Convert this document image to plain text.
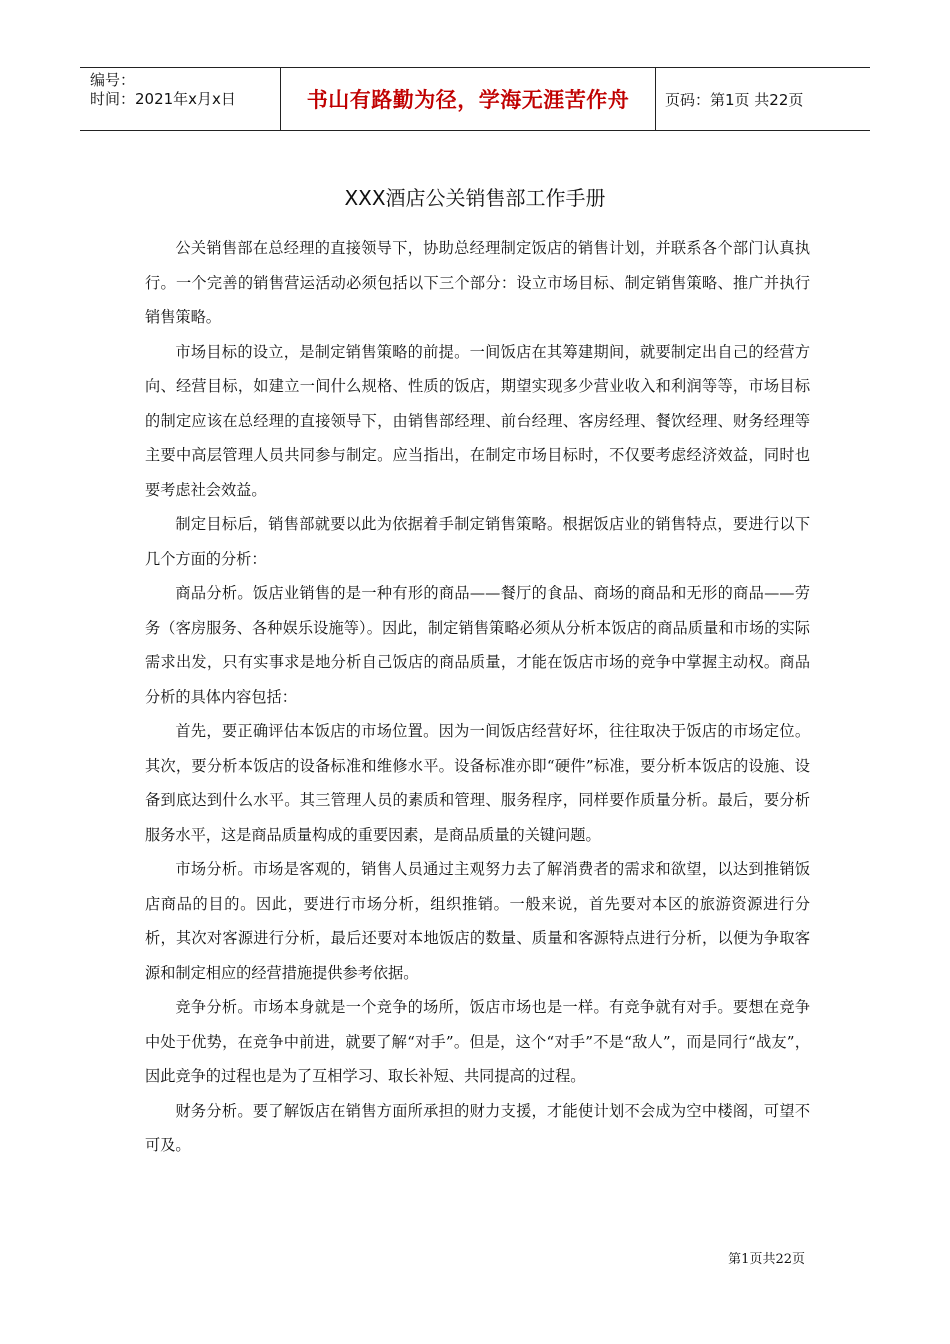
编号：
时间：2021年x月x日	书山有路勤为径，学海无涯苦作舟 页码：第1页 共22页
XXX酒店公关销售部工作手册

公关销售部在总经理的直接领导下，协助总经理制定饭店的销售计划，并联系各个部门认真执行。一个完善的销售营运活动必须包括以下三个部分：设立市场目标、制定销售策略、推广并执行销售策略。

市场目标的设立，是制定销售策略的前提。一间饭店在其筹建期间，就要制定出自己的经营方向、经营目标，如建立一间什么规格、性质的饭店，期望实现多少营业收入和利润等等，市场目标的制定应该在总经理的直接领导下，由销售部经理、前台经理、客房经理、餐饮经理、财务经理等主要中高层管理人员共同参与制定。应当指出，在制定市场目标时，不仅要考虑经济效益，同时也要考虑社会效益。

制定目标后，销售部就要以此为依据着手制定销售策略。根据饭店业的销售特点，要进行以下几个方面的分析：

商品分析。饭店业销售的是一种有形的商品——餐厅的食品、商场的商品和无形的商品——劳务（客房服务、各种娱乐设施等）。因此，制定销售策略必须从分析本饭店的商品质量和市场的实际需求出发，只有实事求是地分析自己饭店的商品质量，才能在饭店市场的竞争中掌握主动权。商品分析的具体内容包括：

首先，要正确评估本饭店的市场位置。因为一间饭店经营好坏，往往取决于饭店的市场定位。其次，要分析本饭店的设备标准和维修水平。设备标准亦即“硬件”标准，要分析本饭店的设施、设备到底达到什么水平。其三管理人员的素质和管理、服务程序，同样要作质量分析。最后，要分析服务水平，这是商品质量构成的重要因素，是商品质量的关键问题。

市场分析。市场是客观的，销售人员通过主观努力去了解消费者的需求和欲望，以达到推销饭店商品的目的。因此，要进行市场分析，组织推销。一般来说，首先要对本区的旅游资源进行分析，其次对客源进行分析，最后还要对本地饭店的数量、质量和客源特点进行分析，以便为争取客源和制定相应的经营措施提供参考依据。

竞争分析。市场本身就是一个竞争的场所，饭店市场也是一样。有竞争就有对手。要想在竞争中处于优势，在竞争中前进，就要了解“对手”。但是，这个“对手”不是“敌人”，而是同行“战友”，因此竞争的过程也是为了互相学习、取长补短、共同提高的过程。

财务分析。要了解饭店在销售方面所承担的财力支援，才能使计划不会成为空中楼阁，可望不可及。

第1页共22页
